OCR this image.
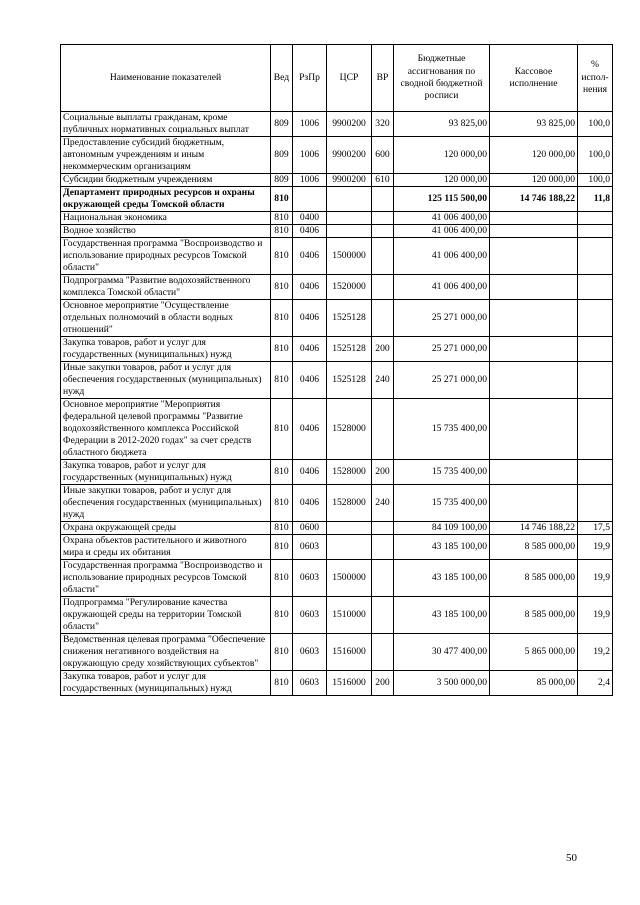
Наименование показателей	Вед	РзПр	ЦСР	ВР	Бюджетные ассигнования по сводной бюджетной росписи	Кассовое исполнение	% испол-нения
Социальные выплаты гражданам, кроме публичных нормативных социальных выплат	809	1006	9900200	320	93 825,00	93 825,00	100,0
Предоставление субсидий бюджетным, автономным учреждениям и иным некоммерческим организациям	809	1006	9900200	600	120 000,00	120 000,00	100,0
Субсидии бюджетным учреждениям	809	1006	9900200	610	120 000,00	120 000,00	100,0
Департамент природных ресурсов и охраны окружающей среды Томской области	810				125 115 500,00	14 746 188,22	11,8
Национальная экономика	810	0400			41 006 400,00		
Водное хозяйство	810	0406			41 006 400,00		
Государственная программа "Воспроизводство и использование природных ресурсов Томской области"	810	0406	1500000		41 006 400,00		
Подпрограмма "Развитие водохозяйственного комплекса Томской области"	810	0406	1520000		41 006 400,00		
Основное мероприятие "Осуществление отдельных полномочий в области водных отношений"	810	0406	1525128		25 271 000,00		
Закупка товаров, работ и услуг для государственных (муниципальных) нужд	810	0406	1525128	200	25 271 000,00		
Иные закупки товаров, работ и услуг для обеспечения государственных (муниципальных) нужд	810	0406	1525128	240	25 271 000,00		
Основное мероприятие "Мероприятия федеральной целевой программы "Развитие водохозяйственного комплекса Российской Федерации в 2012-2020 годах" за счет средств областного бюджета	810	0406	1528000		15 735 400,00		
Закупка товаров, работ и услуг для государственных (муниципальных) нужд	810	0406	1528000	200	15 735 400,00		
Иные закупки товаров, работ и услуг для обеспечения государственных (муниципальных) нужд	810	0406	1528000	240	15 735 400,00		
Охрана окружающей среды	810	0600			84 109 100,00	14 746 188,22	17,5
Охрана объектов растительного и животного мира и среды их обитания	810	0603			43 185 100,00	8 585 000,00	19,9
Государственная программа "Воспроизводство и использование природных ресурсов Томской области"	810	0603	1500000		43 185 100,00	8 585 000,00	19,9
Подпрограмма "Регулирование качества окружающей среды на территории Томской области"	810	0603	1510000		43 185 100,00	8 585 000,00	19,9
Ведомственная целевая программа "Обеспечение снижения негативного воздействия на окружающую среду хозяйствующих субъектов"	810	0603	1516000		30 477 400,00	5 865 000,00	19,2
Закупка товаров, работ и услуг для государственных (муниципальных) нужд	810	0603	1516000	200	3 500 000,00	85 000,00	2,4
50
